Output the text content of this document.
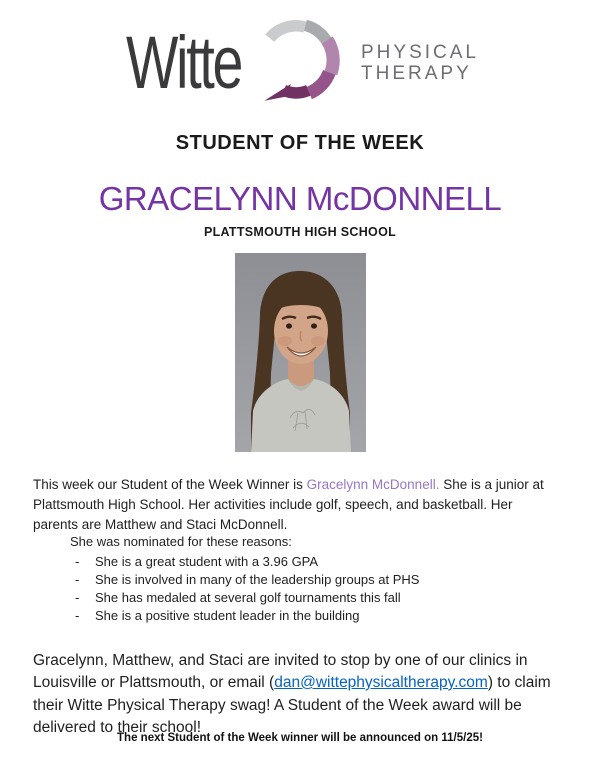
Witte	PHYSICAL
THERAPY
STUDENT OF THE WEEK
GRACELYNN McDONNELL
PLATTSMOUTH HIGH SCHOOL

This week our Student of the Week Winner is Gracelynn McDonnell. She is a junior at Plattsmouth High School. Her activities include golf, speech, and basketball. Her parents are Matthew and Staci McDonnell.

She was nominated for these reasons:

- She is a great student with a 3.96 GPA
- She is involved in many of the leadership groups at PHS
- She has medaled at several golf tournaments this fall
- She is a positive student leader in the building

Gracelynn, Matthew, and Staci are invited to stop by one of our clinics in Louisville or Plattsmouth, or email (dan@wittephysicaltherapy.com) to claim their Witte Physical Therapy swag! A Student of the Week award will be delivered to their school!

The next Student of the Week winner will be announced on 11/5/25!
